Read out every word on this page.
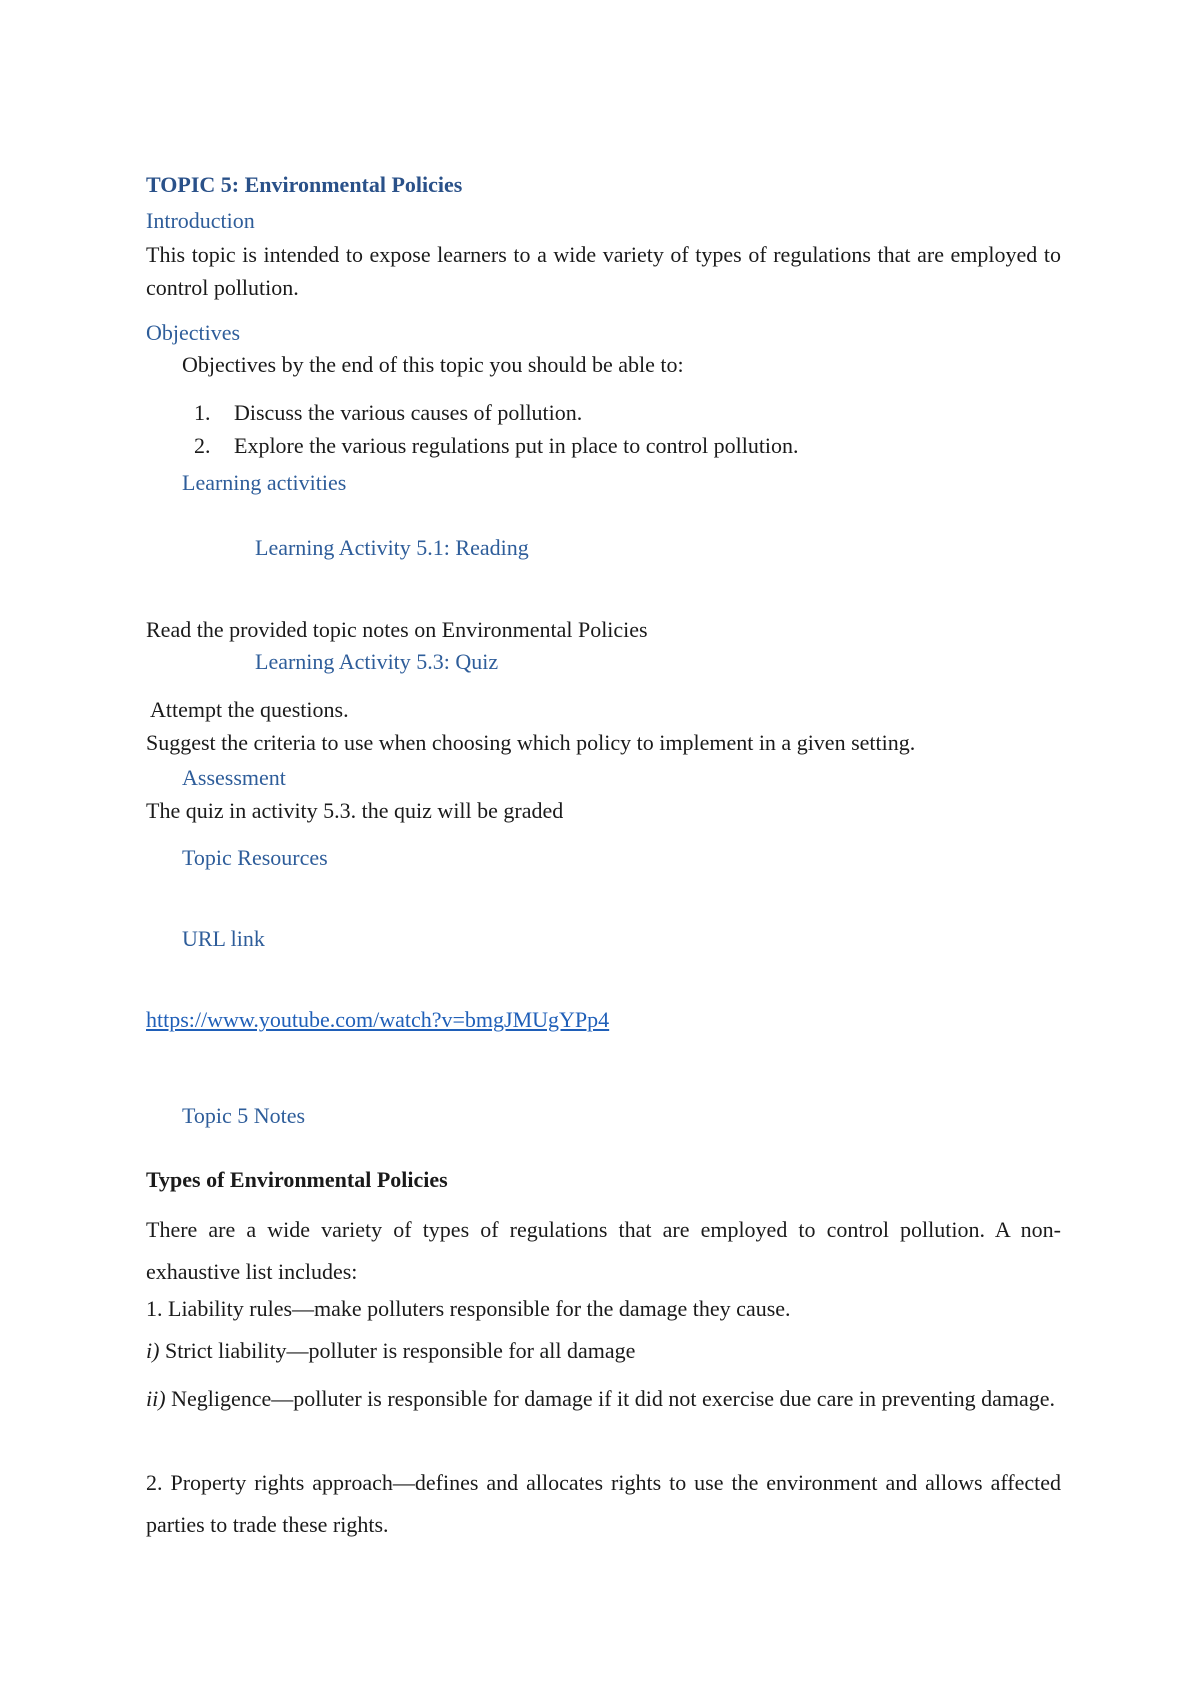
TOPIC 5: Environmental Policies

Introduction

This topic is intended to expose learners to a wide variety of types of regulations that are employed to control pollution.

Objectives

Objectives by the end of this topic you should be able to:

1. Discuss the various causes of pollution.

2. Explore the various regulations put in place to control pollution.

Learning activities

Learning Activity 5.1: Reading

Read the provided topic notes on Environmental Policies

Learning Activity 5.3: Quiz

Attempt the questions.

Suggest the criteria to use when choosing which policy to implement in a given setting.

Assessment

The quiz in activity 5.3. the quiz will be graded

Topic Resources

URL link

https://www.youtube.com/watch?v=bmgJMUgYPp4

Topic 5 Notes

Types of Environmental Policies

There are a wide variety of types of regulations that are employed to control pollution. A non-exhaustive list includes:

1. Liability rules—make polluters responsible for the damage they cause.

i) Strict liability—polluter is responsible for all damage

ii) Negligence—polluter is responsible for damage if it did not exercise due care in preventing damage.

2. Property rights approach—defines and allocates rights to use the environment and allows affected parties to trade these rights.
